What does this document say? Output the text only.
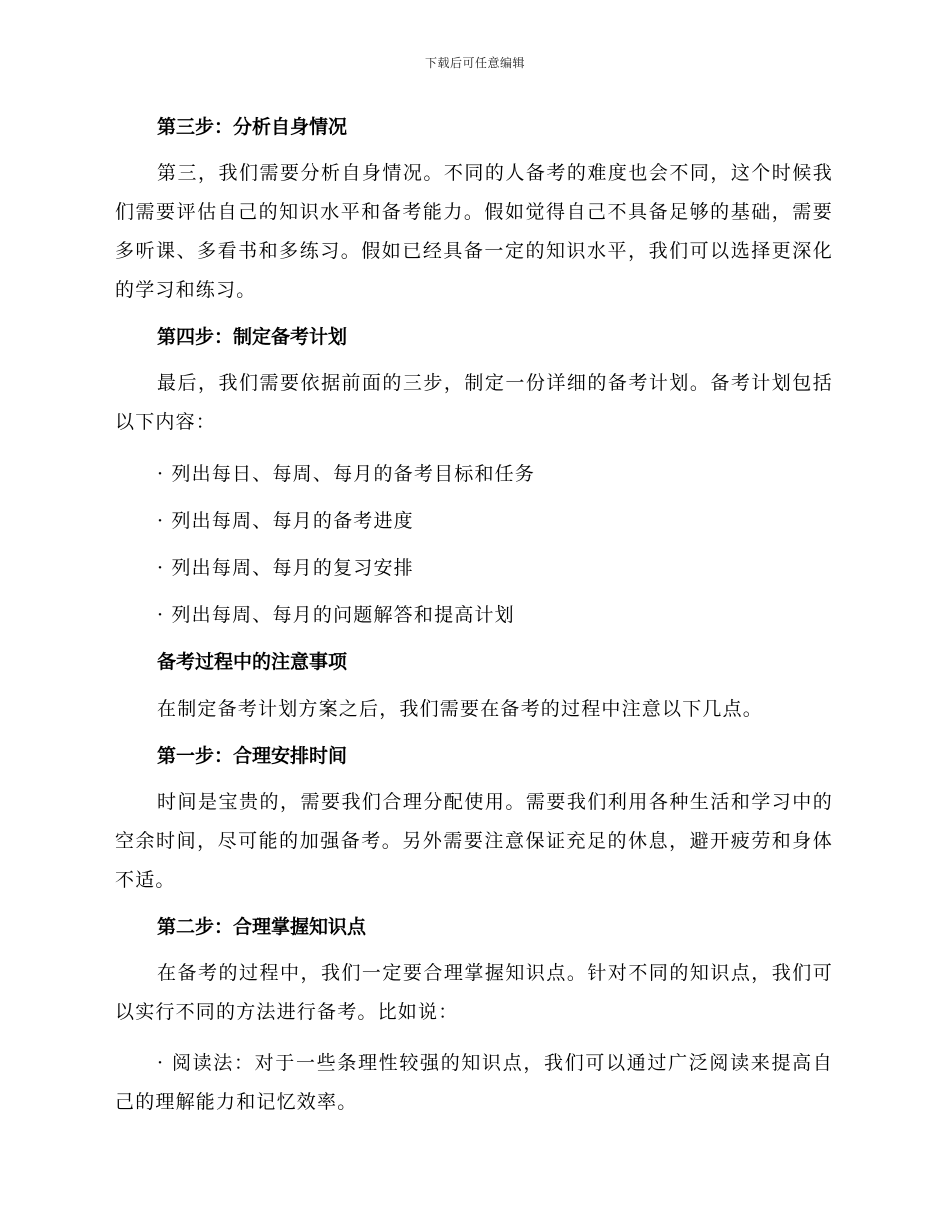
下载后可任意编辑

第三步：分析自身情况

第三，我们需要分析自身情况。不同的人备考的难度也会不同，这个时候我们需要评估自己的知识水平和备考能力。假如觉得自己不具备足够的基础，需要多听课、多看书和多练习。假如已经具备一定的知识水平，我们可以选择更深化的学习和练习。

第四步：制定备考计划

最后，我们需要依据前面的三步，制定一份详细的备考计划。备考计划包括以下内容：

· 列出每日、每周、每月的备考目标和任务

· 列出每周、每月的备考进度

· 列出每周、每月的复习安排

· 列出每周、每月的问题解答和提高计划

备考过程中的注意事项

在制定备考计划方案之后，我们需要在备考的过程中注意以下几点。

第一步：合理安排时间

时间是宝贵的，需要我们合理分配使用。需要我们利用各种生活和学习中的空余时间，尽可能的加强备考。另外需要注意保证充足的休息，避开疲劳和身体不适。

第二步：合理掌握知识点

在备考的过程中，我们一定要合理掌握知识点。针对不同的知识点，我们可以实行不同的方法进行备考。比如说：

· 阅读法：对于一些条理性较强的知识点，我们可以通过广泛阅读来提高自己的理解能力和记忆效率。
